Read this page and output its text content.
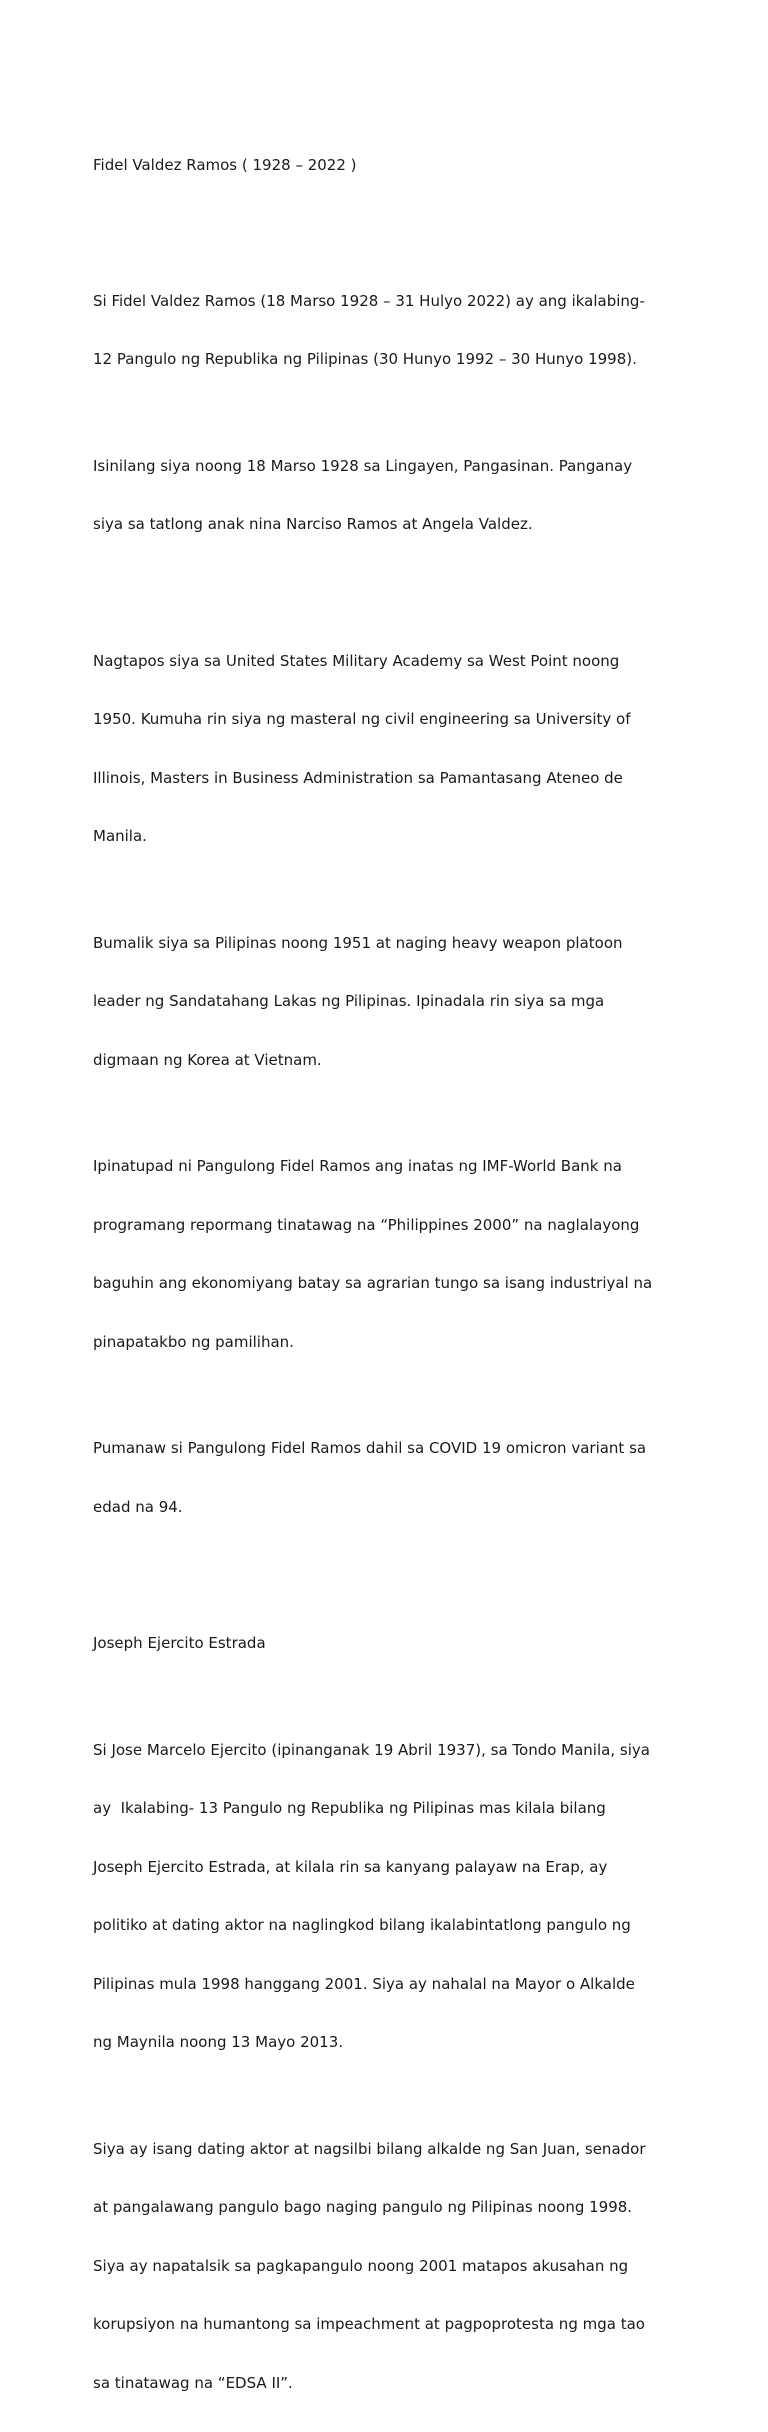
Fidel Valdez Ramos ( 1928 – 2022 )

Si Fidel Valdez Ramos (18 Marso 1928 – 31 Hulyo 2022) ay ang ikalabing-

12 Pangulo ng Republika ng Pilipinas (30 Hunyo 1992 – 30 Hunyo 1998).

Isinilang siya noong 18 Marso 1928 sa Lingayen, Pangasinan. Panganay

siya sa tatlong anak nina Narciso Ramos at Angela Valdez.

Nagtapos siya sa United States Military Academy sa West Point noong

1950. Kumuha rin siya ng masteral ng civil engineering sa University of

Illinois, Masters in Business Administration sa Pamantasang Ateneo de

Manila.

Bumalik siya sa Pilipinas noong 1951 at naging heavy weapon platoon

leader ng Sandatahang Lakas ng Pilipinas. Ipinadala rin siya sa mga

digmaan ng Korea at Vietnam.

Ipinatupad ni Pangulong Fidel Ramos ang inatas ng IMF-World Bank na

programang repormang tinatawag na “Philippines 2000” na naglalayong

baguhin ang ekonomiyang batay sa agrarian tungo sa isang industriyal na

pinapatakbo ng pamilihan.

Pumanaw si Pangulong Fidel Ramos dahil sa COVID 19 omicron variant sa

edad na 94.

Joseph Ejercito Estrada

Si Jose Marcelo Ejercito (ipinanganak 19 Abril 1937), sa Tondo Manila, siya

ay  Ikalabing- 13 Pangulo ng Republika ng Pilipinas mas kilala bilang

Joseph Ejercito Estrada, at kilala rin sa kanyang palayaw na Erap, ay

politiko at dating aktor na naglingkod bilang ikalabintatlong pangulo ng

Pilipinas mula 1998 hanggang 2001. Siya ay nahalal na Mayor o Alkalde

ng Maynila noong 13 Mayo 2013.

Siya ay isang dating aktor at nagsilbi bilang alkalde ng San Juan, senador

at pangalawang pangulo bago naging pangulo ng Pilipinas noong 1998.

Siya ay napatalsik sa pagkapangulo noong 2001 matapos akusahan ng

korupsiyon na humantong sa impeachment at pagpoprotesta ng mga tao

sa tinatawag na “EDSA II”.
